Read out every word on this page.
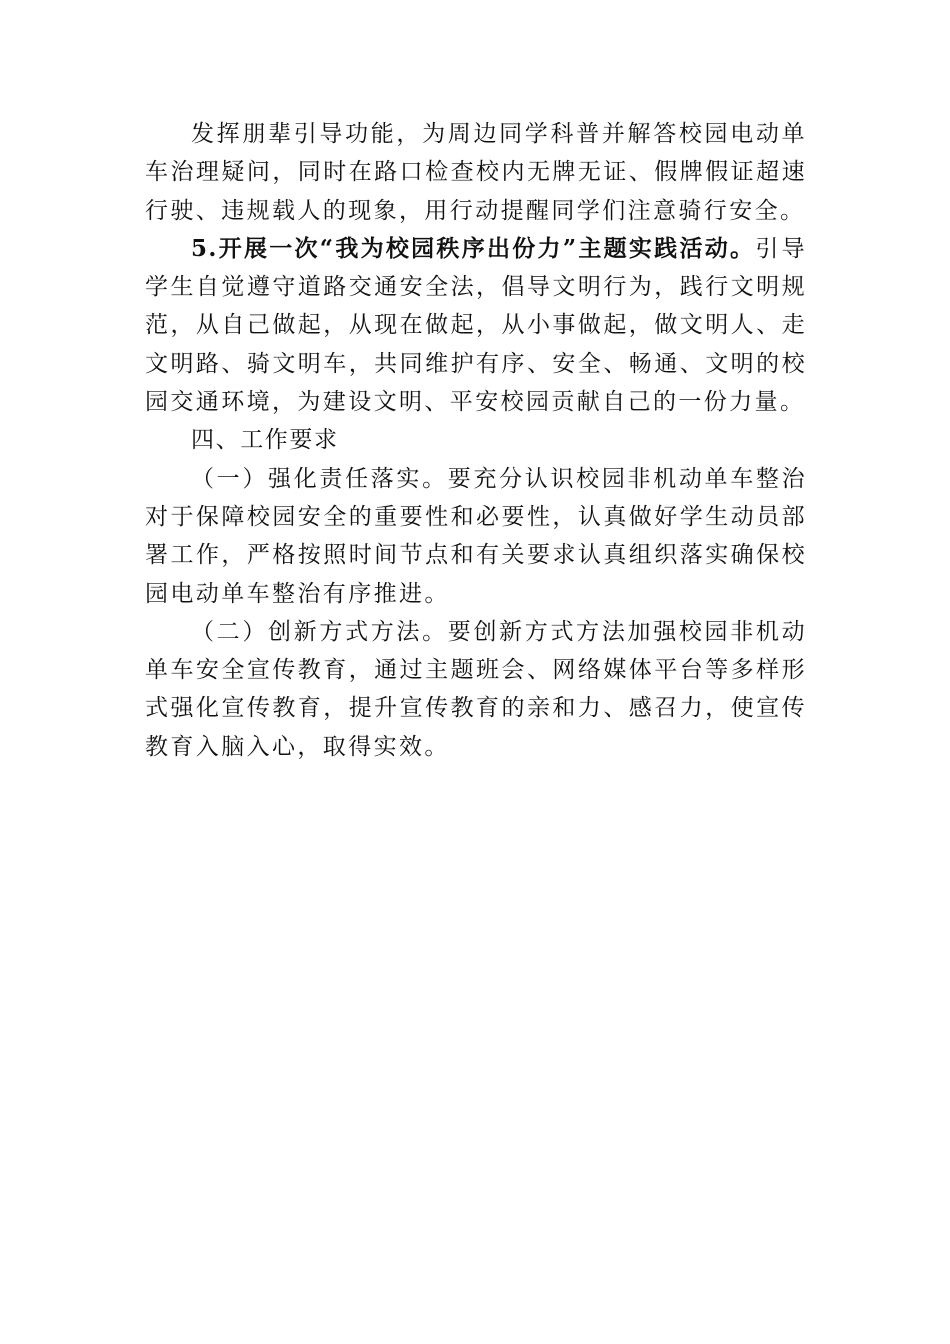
发挥朋辈引导功能，为周边同学科普并解答校园电动单车治理疑问，同时在路口检查校内无牌无证、假牌假证超速行驶、违规载人的现象，用行动提醒同学们注意骑行安全。

5.开展一次“我为校园秩序出份力”主题实践活动。引导学生自觉遵守道路交通安全法，倡导文明行为，践行文明规范，从自己做起，从现在做起，从小事做起，做文明人、走文明路、骑文明车，共同维护有序、安全、畅通、文明的校园交通环境，为建设文明、平安校园贡献自己的一份力量。

四、工作要求

（一）强化责任落实。要充分认识校园非机动单车整治对于保障校园安全的重要性和必要性，认真做好学生动员部署工作，严格按照时间节点和有关要求认真组织落实确保校园电动单车整治有序推进。

（二）创新方式方法。要创新方式方法加强校园非机动单车安全宣传教育，通过主题班会、网络媒体平台等多样形式强化宣传教育，提升宣传教育的亲和力、感召力，使宣传教育入脑入心，取得实效。
